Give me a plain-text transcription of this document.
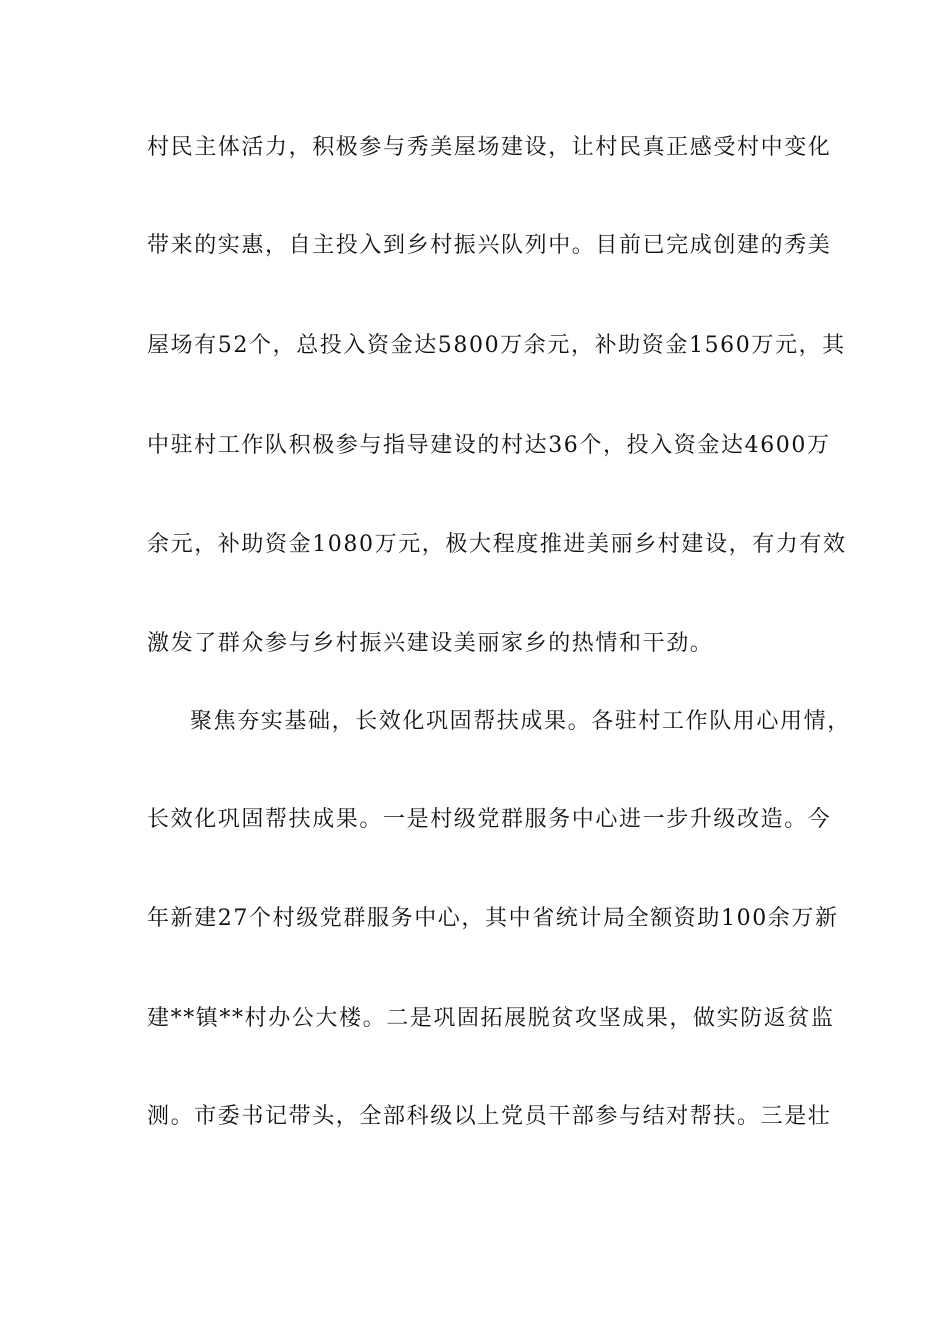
村民主体活力，积极参与秀美屋场建设，让村民真正感受村中变化
带来的实惠，自主投入到乡村振兴队列中。目前已完成创建的秀美
屋场有52个，总投入资金达5800万余元，补助资金1560万元，其
中驻村工作队积极参与指导建设的村达36个，投入资金达4600万
余元，补助资金1080万元，极大程度推进美丽乡村建设，有力有效
激发了群众参与乡村振兴建设美丽家乡的热情和干劲。
聚焦夯实基础，长效化巩固帮扶成果。各驻村工作队用心用情，
长效化巩固帮扶成果。一是村级党群服务中心进一步升级改造。今
年新建27个村级党群服务中心，其中省统计局全额资助100余万新
建**镇**村办公大楼。二是巩固拓展脱贫攻坚成果，做实防返贫监
测。市委书记带头，全部科级以上党员干部参与结对帮扶。三是壮
